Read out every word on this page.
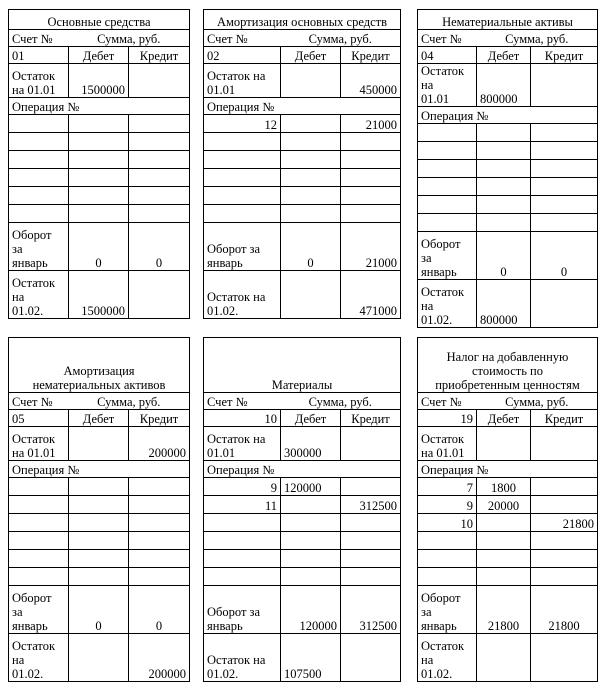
Основные средства		
Счет №	Сумма, руб.	
01	Дебет	Кредит
Остаток
на 01.01	1500000	
Операция №		

Оборот
за
январь	0	0
Остаток
на
01.02.	1500000	
Амортизация основных средств		
Счет №	Сумма, руб.	
02	Дебет	Кредит
Остаток на
01.01		450000
Операция №		
12		21000

Оборот за
январь	0	21000
Остаток на
01.02.		471000
Нематериальные активы		
Счет №	Сумма, руб.	
04	Дебет	Кредит
Остаток на
01.01	800000	
Операция №		

Оборот
за
январь	0	0
Остаток
на
01.02.	800000	
Амортизация
нематериальных активов		
Счет №	Сумма, руб.	
05	Дебет	Кредит
Остаток
на 01.01		200000
Операция №		

Оборот
за
январь	0	0
Остаток
на
01.02.		200000
Материалы		
Счет №	Сумма, руб.	
10	Дебет	Кредит
Остаток на
01.01	300000	
Операция №		
9	120000	
11		312500

Оборот за
январь	120000	312500
Остаток на
01.02.	107500	
Налог на добавленную
стоимость по
приобретенным ценностям		
Счет №	Сумма, руб.	
19	Дебет	Кредит
Остаток
на 01.01		
Операция №		
7	1800	
9	20000	
10		21800

Оборот
за
январь	21800	21800
Остаток
на
01.02.		
